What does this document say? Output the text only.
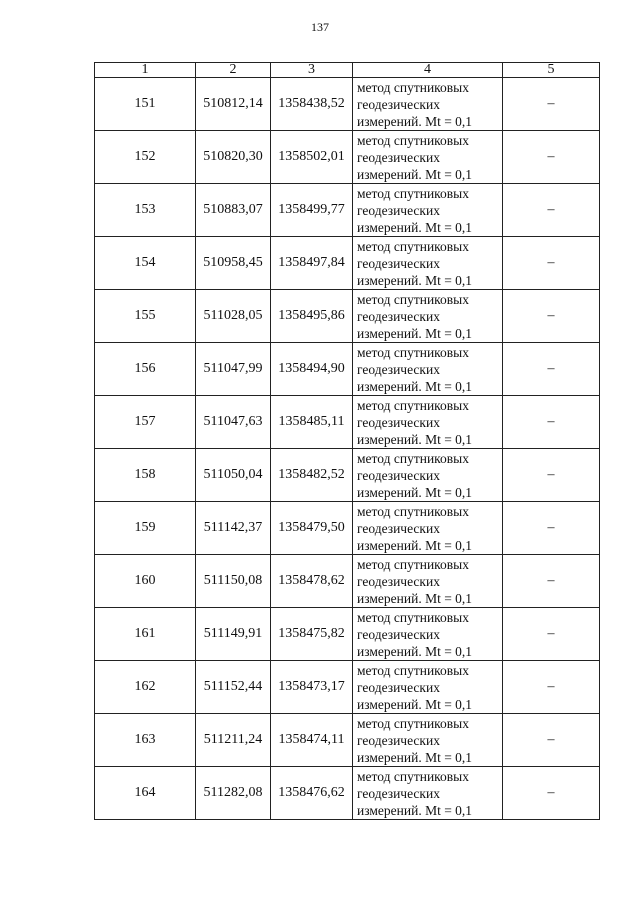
137
1	2	3	4	5
151	510812,14	1358438,52	метод спутниковых
геодезических
измерений. Mt = 0,1	–
152	510820,30	1358502,01	метод спутниковых
геодезических
измерений. Mt = 0,1	–
153	510883,07	1358499,77	метод спутниковых
геодезических
измерений. Mt = 0,1	–
154	510958,45	1358497,84	метод спутниковых
геодезических
измерений. Mt = 0,1	–
155	511028,05	1358495,86	метод спутниковых
геодезических
измерений. Mt = 0,1	–
156	511047,99	1358494,90	метод спутниковых
геодезических
измерений. Mt = 0,1	–
157	511047,63	1358485,11	метод спутниковых
геодезических
измерений. Mt = 0,1	–
158	511050,04	1358482,52	метод спутниковых
геодезических
измерений. Mt = 0,1	–
159	511142,37	1358479,50	метод спутниковых
геодезических
измерений. Mt = 0,1	–
160	511150,08	1358478,62	метод спутниковых
геодезических
измерений. Mt = 0,1	–
161	511149,91	1358475,82	метод спутниковых
геодезических
измерений. Mt = 0,1	–
162	511152,44	1358473,17	метод спутниковых
геодезических
измерений. Mt = 0,1	–
163	511211,24	1358474,11	метод спутниковых
геодезических
измерений. Mt = 0,1	–
164	511282,08	1358476,62	метод спутниковых
геодезических
измерений. Mt = 0,1	–
